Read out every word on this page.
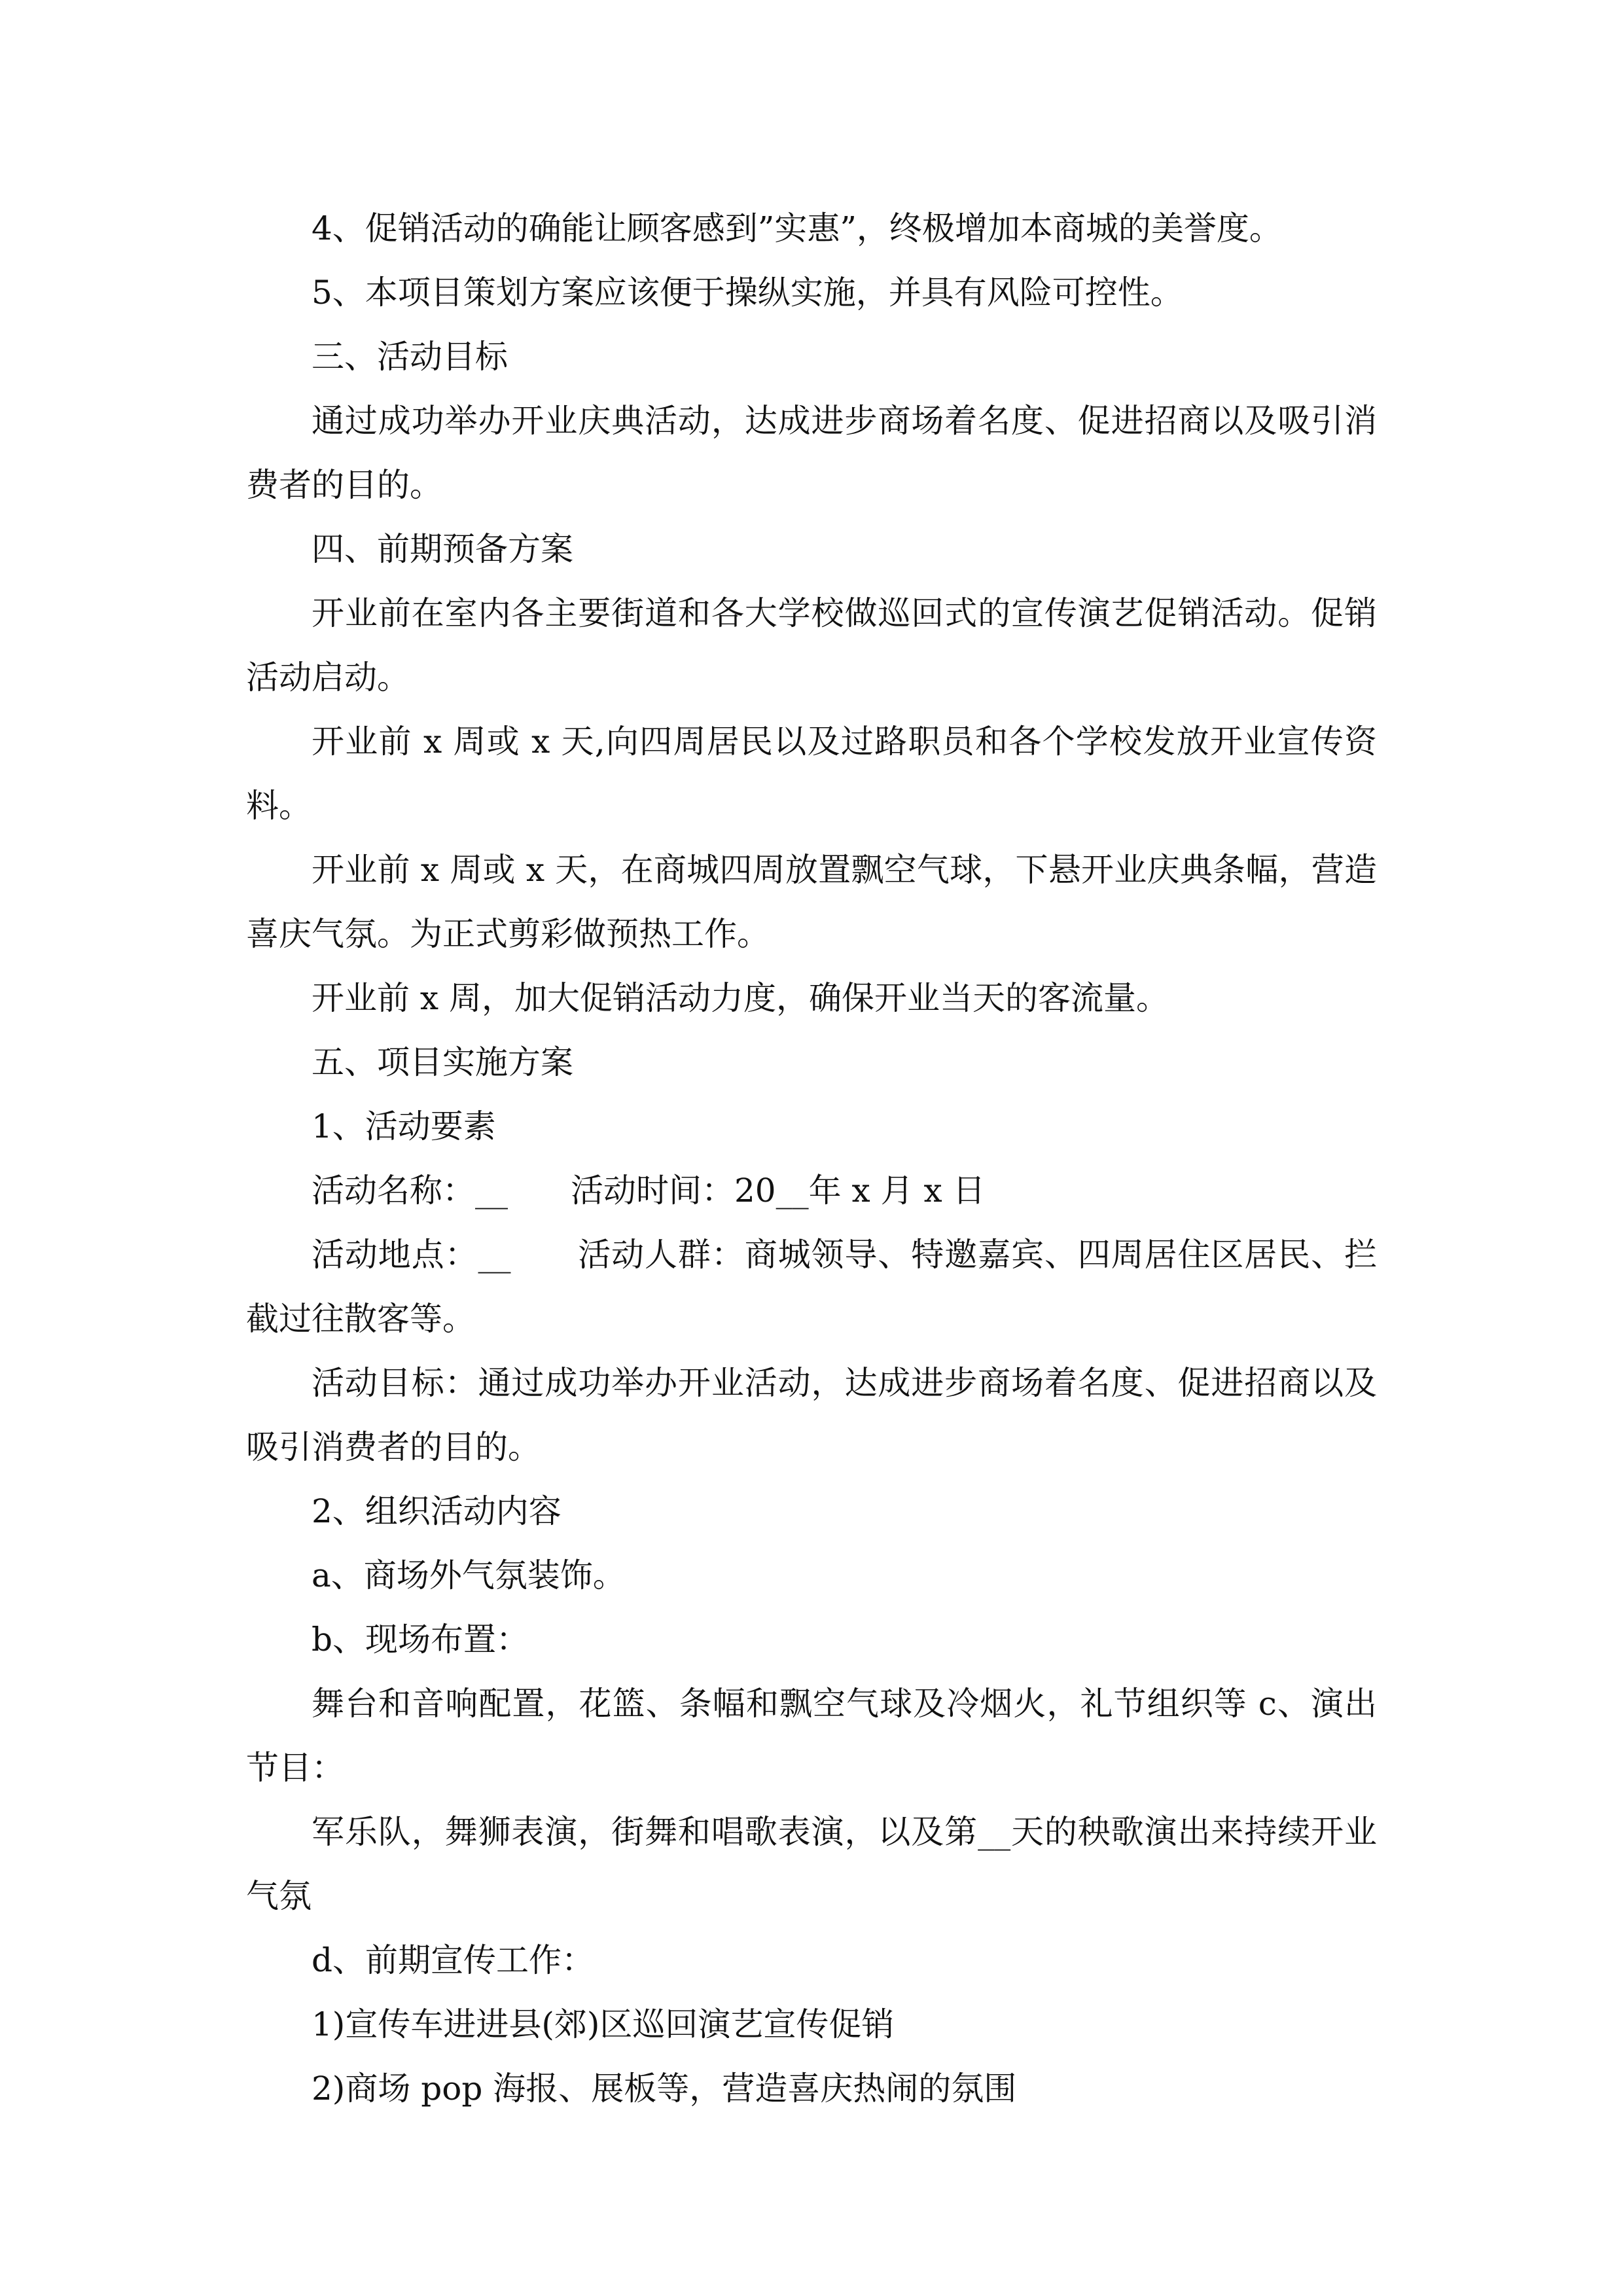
4、促销活动的确能让顾客感到”实惠”，终极增加本商城的美誉度。

5、本项目策划方案应该便于操纵实施，并具有风险可控性。

三、活动目标

通过成功举办开业庆典活动，达成进步商场着名度、促进招商以及吸引消费者的目的。

四、前期预备方案

开业前在室内各主要街道和各大学校做巡回式的宣传演艺促销活动。促销活动启动。

开业前 x 周或 x 天,向四周居民以及过路职员和各个学校发放开业宣传资料。

开业前 x 周或 x 天，在商城四周放置飘空气球，下悬开业庆典条幅，营造喜庆气氛。为正式剪彩做预热工作。

开业前 x 周，加大促销活动力度，确保开业当天的客流量。

五、项目实施方案

1、活动要素

活动名称：__ 活动时间：20__年 x 月 x 日

活动地点：__　　活动人群：商城领导、特邀嘉宾、四周居住区居民、拦截过往散客等。

活动目标：通过成功举办开业活动，达成进步商场着名度、促进招商以及吸引消费者的目的。

2、组织活动内容

a、商场外气氛装饰。

b、现场布置：

舞台和音响配置，花篮、条幅和飘空气球及冷烟火，礼节组织等 c、演出节目：

军乐队，舞狮表演，街舞和唱歌表演，以及第__天的秧歌演出来持续开业气氛

d、前期宣传工作：

1)宣传车进进县(郊)区巡回演艺宣传促销

2)商场 pop 海报、展板等，营造喜庆热闹的氛围
